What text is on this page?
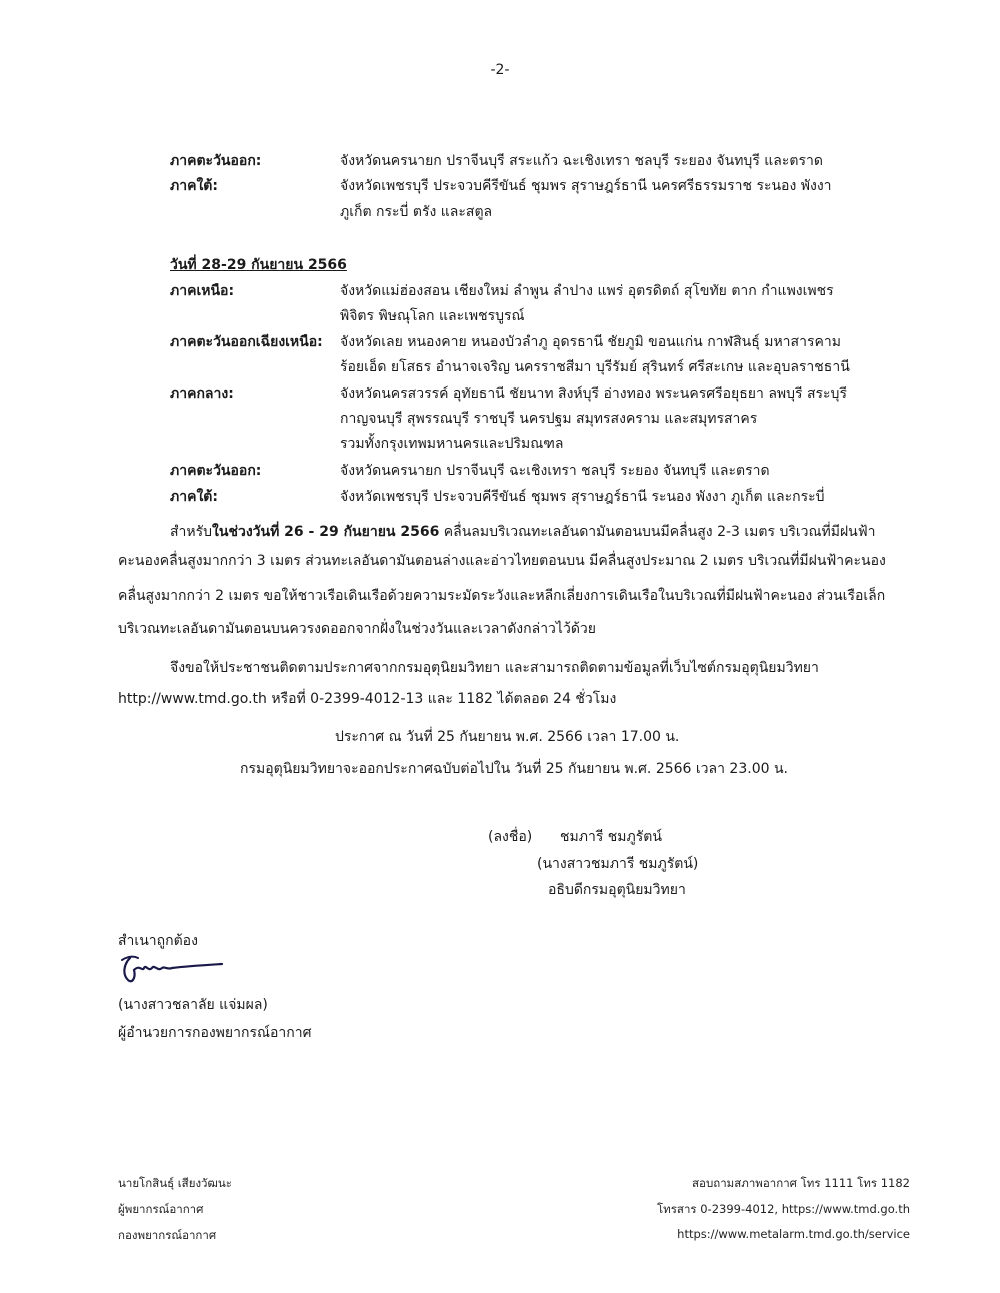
-2-
ภาคตะวันออก:	จังหวัดนครนายก ปราจีนบุรี สระแก้ว ฉะเชิงเทรา ชลบุรี ระยอง จันทบุรี และตราด
ภาคใต้:	จังหวัดเพชรบุรี ประจวบคีรีขันธ์ ชุมพร สุราษฎร์ธานี นครศรีธรรมราช ระนอง พังงา
ภูเก็ต กระบี่ ตรัง และสตูล
วันที่ 28-29 กันยายน 2566
ภาคเหนือ:	จังหวัดแม่ฮ่องสอน เชียงใหม่ ลำพูน ลำปาง แพร่ อุตรดิตถ์ สุโขทัย ตาก กำแพงเพชร
พิจิตร พิษณุโลก และเพชรบูรณ์
ภาคตะวันออกเฉียงเหนือ: จังหวัดเลย หนองคาย หนองบัวลำภู อุดรธานี ชัยภูมิ ขอนแก่น กาฬสินธุ์ มหาสารคาม
ร้อยเอ็ด ยโสธร อำนาจเจริญ นครราชสีมา บุรีรัมย์ สุรินทร์ ศรีสะเกษ และอุบลราชธานี
ภาคกลาง:	จังหวัดนครสวรรค์ อุทัยธานี ชัยนาท สิงห์บุรี อ่างทอง พระนครศรีอยุธยา ลพบุรี สระบุรี
กาญจนบุรี สุพรรณบุรี ราชบุรี นครปฐม สมุทรสงคราม และสมุทรสาคร
รวมทั้งกรุงเทพมหานครและปริมณฑล
ภาคตะวันออก:	จังหวัดนครนายก ปราจีนบุรี ฉะเชิงเทรา ชลบุรี ระยอง จันทบุรี และตราด
ภาคใต้:	จังหวัดเพชรบุรี ประจวบคีรีขันธ์ ชุมพร สุราษฎร์ธานี ระนอง พังงา ภูเก็ต และกระบี่
สำหรับในช่วงวันที่ 26 - 29 กันยายน 2566 คลื่นลมบริเวณทะเลอันดามันตอนบนมีคลื่นสูง 2-3 เมตร บริเวณที่มีฝนฟ้า
คะนองคลื่นสูงมากกว่า 3 เมตร ส่วนทะเลอันดามันตอนล่างและอ่าวไทยตอนบน มีคลื่นสูงประมาณ 2 เมตร บริเวณที่มีฝนฟ้าคะนอง
คลื่นสูงมากกว่า 2 เมตร ขอให้ชาวเรือเดินเรือด้วยความระมัดระวังและหลีกเลี่ยงการเดินเรือในบริเวณที่มีฝนฟ้าคะนอง ส่วนเรือเล็ก
บริเวณทะเลอันดามันตอนบนควรงดออกจากฝั่งในช่วงวันและเวลาดังกล่าวไว้ด้วย
จึงขอให้ประชาชนติดตามประกาศจากกรมอุตุนิยมวิทยา และสามารถติดตามข้อมูลที่เว็บไซต์กรมอุตุนิยมวิทยา
http://www.tmd.go.th หรือที่ 0-2399-4012-13 และ 1182 ได้ตลอด 24 ชั่วโมง
ประกาศ ณ วันที่ 25 กันยายน พ.ศ. 2566 เวลา 17.00 น.
กรมอุตุนิยมวิทยาจะออกประกาศฉบับต่อไปใน วันที่ 25 กันยายน พ.ศ. 2566 เวลา 23.00 น.
(ลงชื่อ) ชมภารี ชมภูรัตน์
(นางสาวชมภารี ชมภูรัตน์)
อธิบดีกรมอุตุนิยมวิทยา
สำเนาถูกต้อง
(นางสาวชลาลัย แจ่มผล)
ผู้อำนวยการกองพยากรณ์อากาศ
นายโกสินธุ์ เสียงวัฒนะ
ผู้พยากรณ์อากาศ
กองพยากรณ์อากาศ
สอบถามสภาพอากาศ โทร 1111 โทร 1182
โทรสาร 0-2399-4012, https://www.tmd.go.th
https://www.metalarm.tmd.go.th/service
